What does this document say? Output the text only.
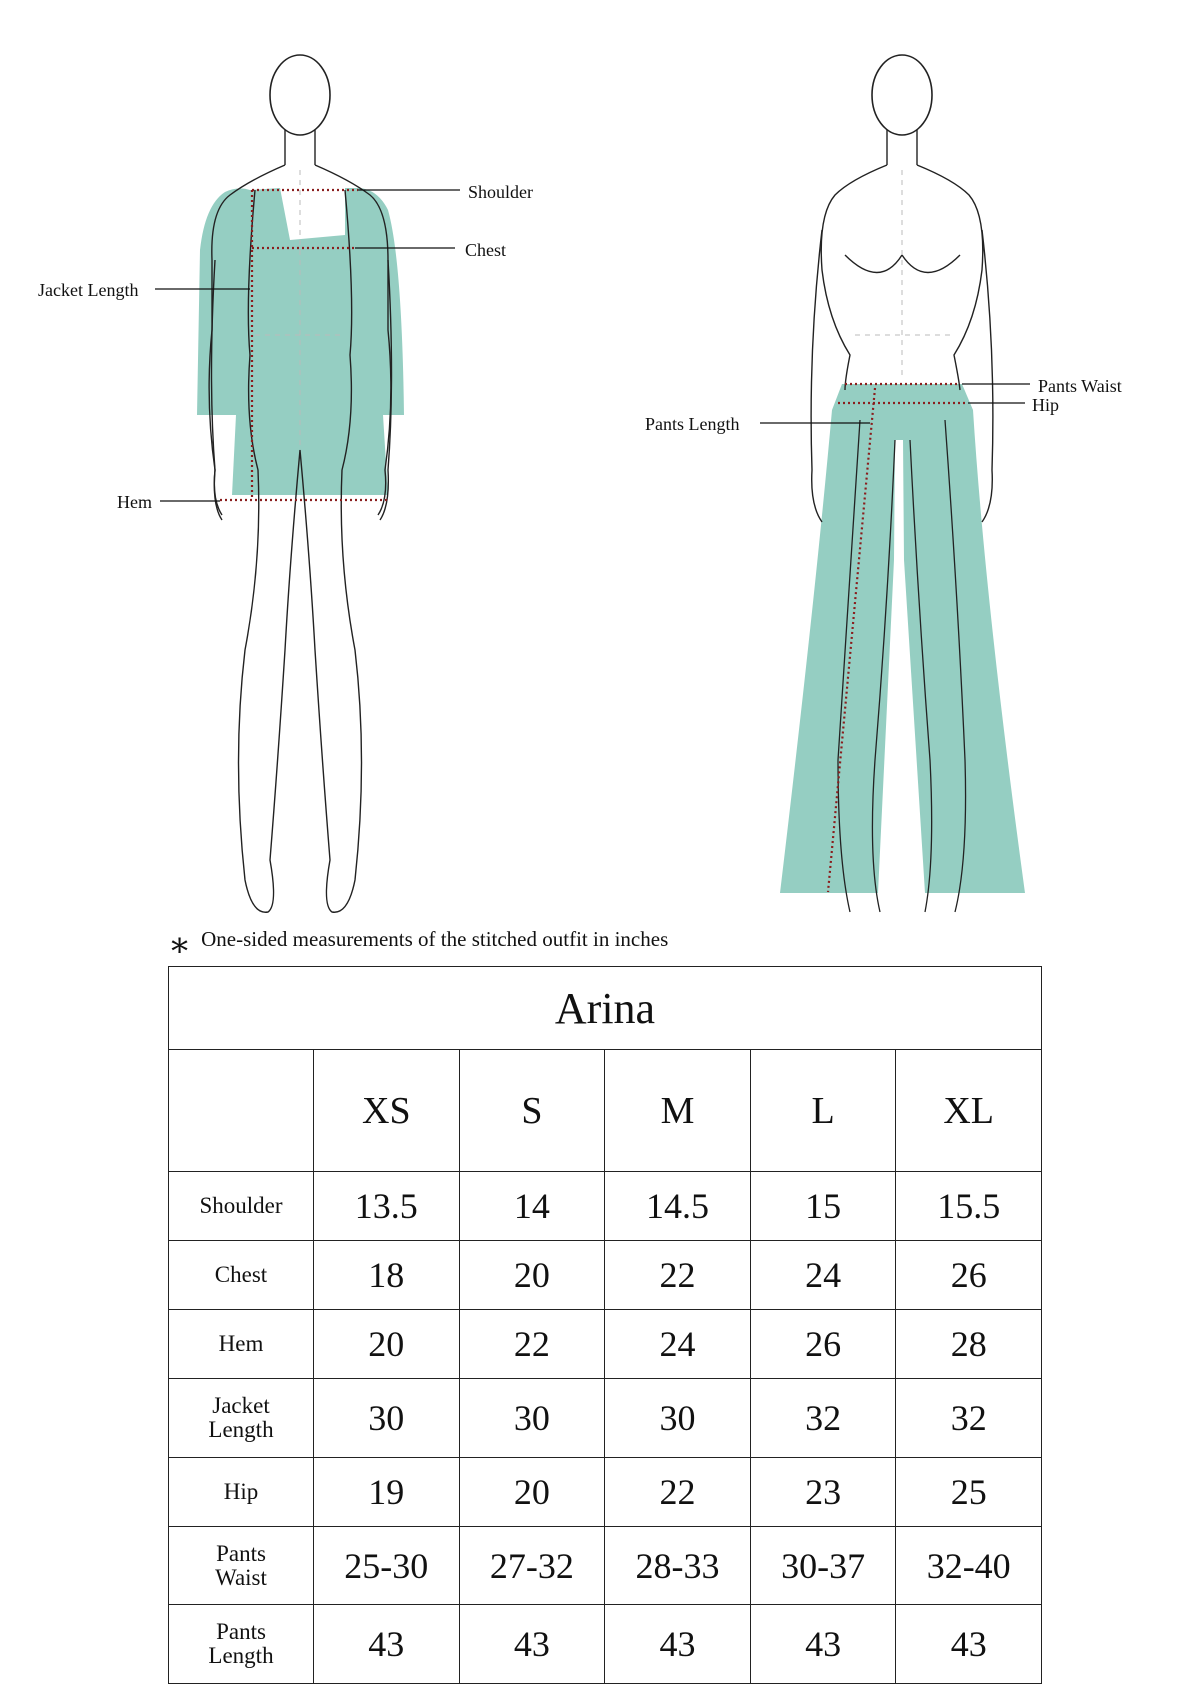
Shoulder
Chest
Jacket Length
Hem
Pants Waist
Hip
Pants Length
∗ One-sided measurements of the stitched outfit in inches
Arina					
	XS	S	M	L	XL
Shoulder	13.5	14	14.5	15	15.5
Chest	18	20	22	24	26
Hem	20	22	24	26	28
Jacket
Length	30	30	30	32	32
Hip	19	20	22	23	25
Pants
Waist	25-30	27-32	28-33	30-37	32-40
Pants
Length	43	43	43	43	43
